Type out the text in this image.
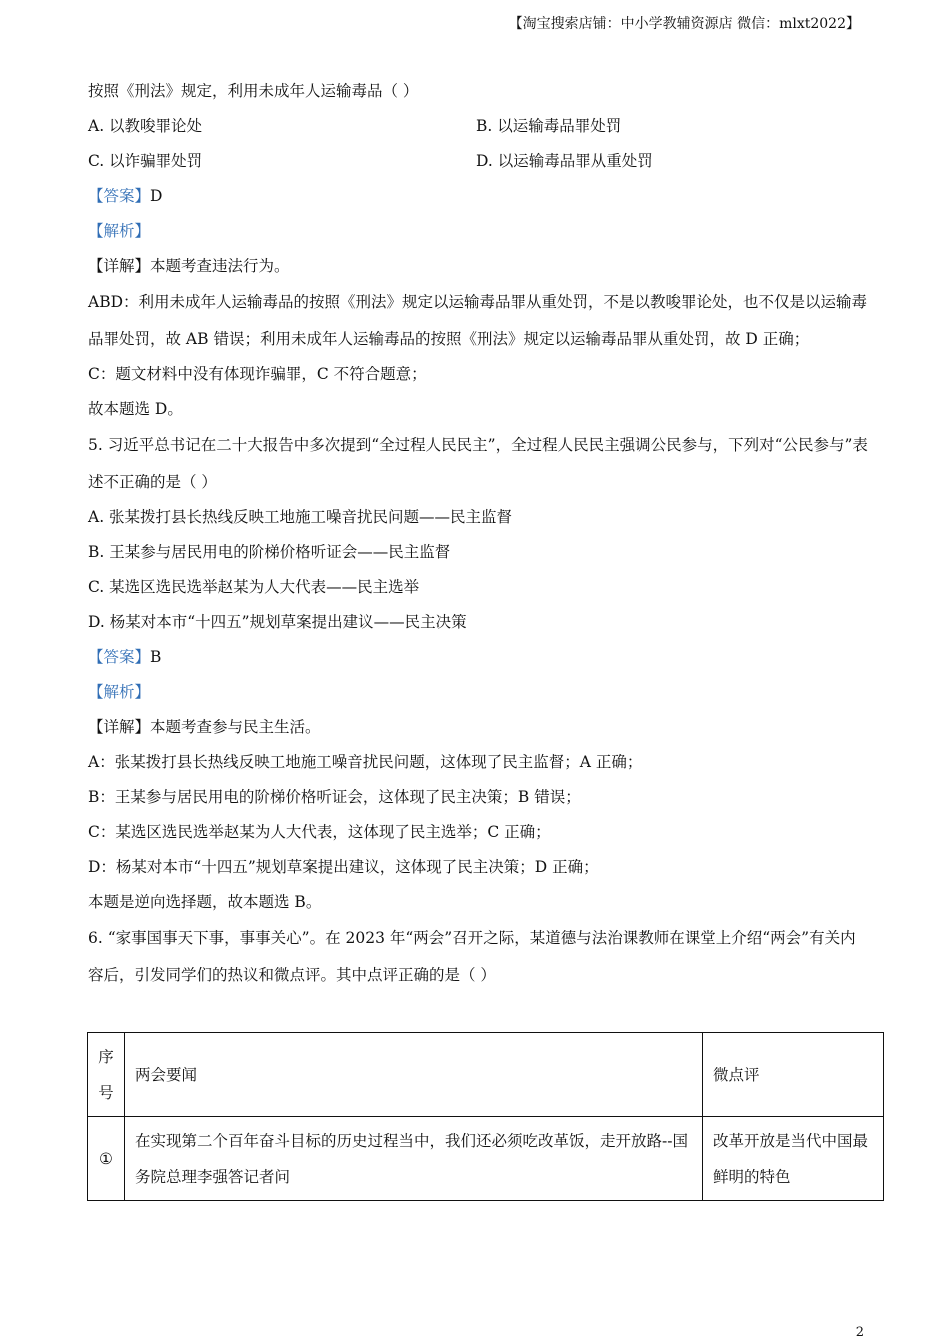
【淘宝搜索店铺：中小学教辅资源店 微信：mlxt2022】
按照《刑法》规定，利用未成年人运输毒品（ ）
A. 以教唆罪论处	B. 以运输毒品罪处罚
C. 以诈骗罪处罚	D. 以运输毒品罪从重处罚
【答案】D
【解析】
【详解】本题考查违法行为。
ABD：利用未成年人运输毒品的按照《刑法》规定以运输毒品罪从重处罚，不是以教唆罪论处，也不仅是以运输毒品罪处罚，故 AB 错误；利用未成年人运输毒品的按照《刑法》规定以运输毒品罪从重处罚，故 D 正确；
C：题文材料中没有体现诈骗罪，C 不符合题意；
故本题选 D。
5. 习近平总书记在二十大报告中多次提到“全过程人民民主”，全过程人民民主强调公民参与，下列对“公民参与”表述不正确的是（ ）
A. 张某拨打县长热线反映工地施工噪音扰民问题——民主监督
B. 王某参与居民用电的阶梯价格听证会——民主监督
C. 某选区选民选举赵某为人大代表——民主选举
D. 杨某对本市“十四五”规划草案提出建议——民主决策
【答案】B
【解析】
【详解】本题考查参与民主生活。
A：张某拨打县长热线反映工地施工噪音扰民问题，这体现了民主监督；A 正确；
B：王某参与居民用电的阶梯价格听证会，这体现了民主决策；B 错误；
C：某选区选民选举赵某为人大代表，这体现了民主选举；C 正确；
D：杨某对本市“十四五”规划草案提出建议，这体现了民主决策；D 正确；
本题是逆向选择题，故本题选 B。
6. “家事国事天下事，事事关心”。在 2023 年“两会”召开之际，某道德与法治课教师在课堂上介绍“两会”有关内容后，引发同学们的热议和微点评。其中点评正确的是（ ）
序号	两会要闻	微点评
①	在实现第二个百年奋斗目标的历史过程当中，我们还必须吃改革饭，走开放路--国务院总理李强答记者问	改革开放是当代中国最鲜明的特色
2
